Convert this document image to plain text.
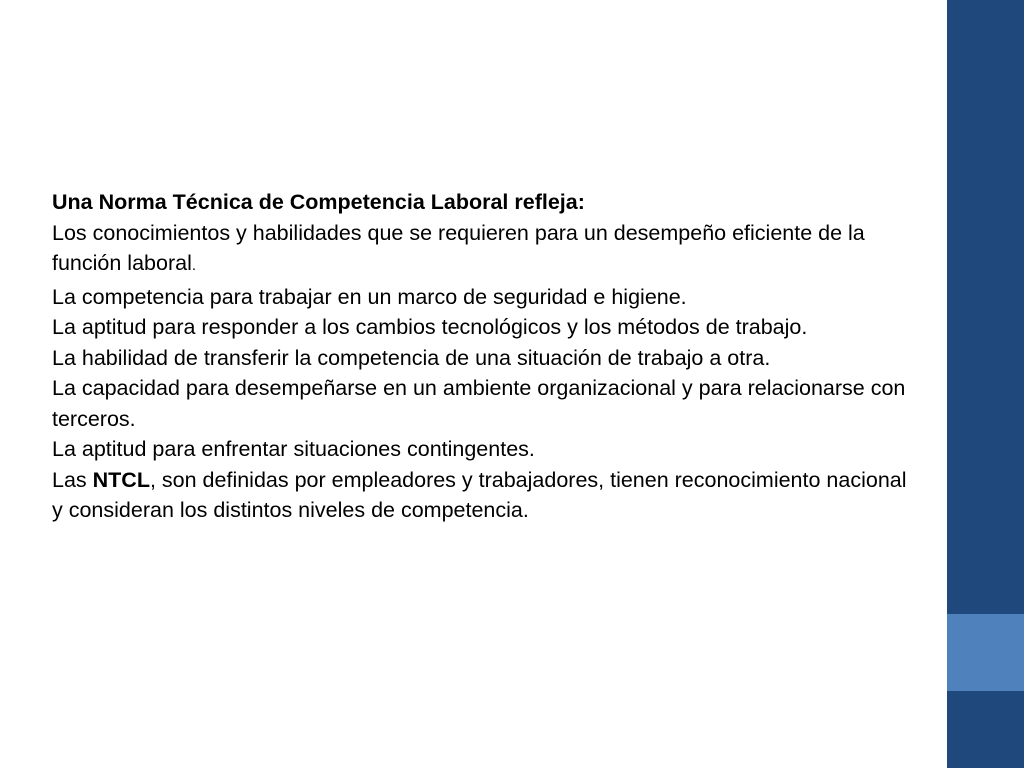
Una Norma Técnica de Competencia Laboral refleja:

Los conocimientos y habilidades que se requieren para un desempeño eficiente de la función laboral.

La competencia para trabajar en un marco de seguridad e higiene.

La aptitud para responder a los cambios tecnológicos y los métodos de trabajo.

La habilidad de transferir la competencia de una situación de trabajo a otra.

La capacidad para desempeñarse en un ambiente organizacional y para relacionarse con terceros.

La aptitud para enfrentar situaciones contingentes.

Las NTCL, son definidas por empleadores y trabajadores, tienen reconocimiento nacional y consideran los distintos niveles de competencia.
